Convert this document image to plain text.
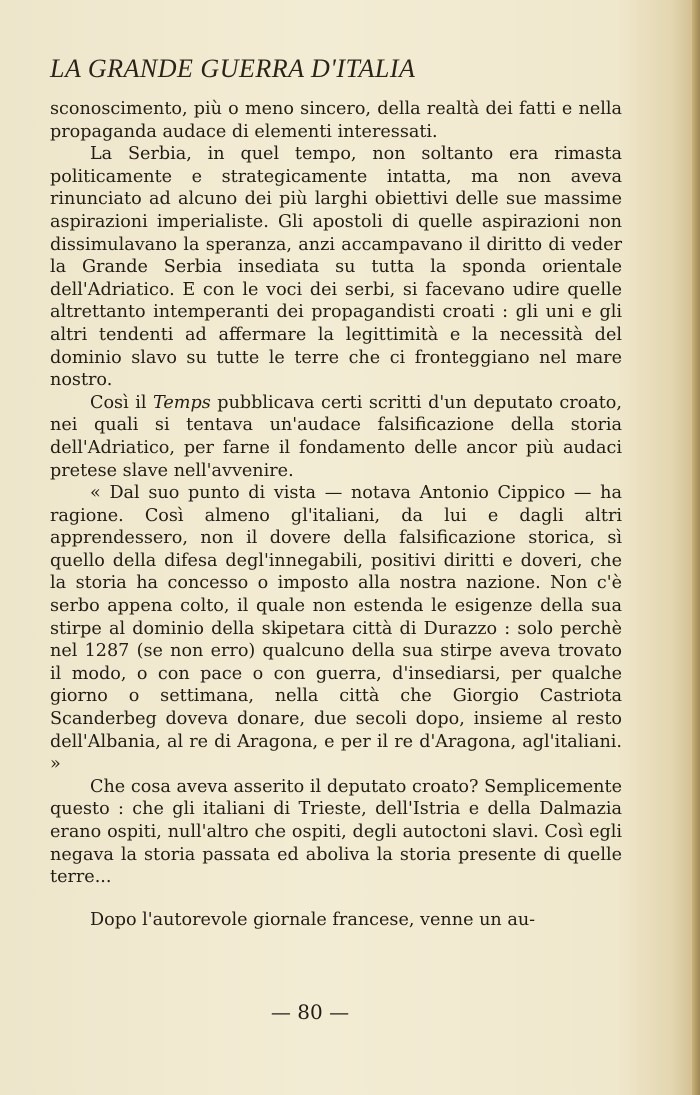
LA GRANDE GUERRA D'ITALIA

sconoscimento, più o meno sincero, della realtà dei fatti e nella propaganda audace di elementi interessati.

La Serbia, in quel tempo, non soltanto era rimasta politicamente e strategicamente intatta, ma non aveva rinunciato ad alcuno dei più larghi obiettivi delle sue massime aspirazioni imperialiste. Gli apostoli di quelle aspirazioni non dissimulavano la speranza, anzi accampavano il diritto di veder la Grande Serbia insediata su tutta la sponda orientale dell'Adriatico. E con le voci dei serbi, si facevano udire quelle altrettanto intemperanti dei propagandisti croati : gli uni e gli altri tendenti ad affermare la legittimità e la necessità del dominio slavo su tutte le terre che ci fronteggiano nel mare nostro.

Così il Temps pubblicava certi scritti d'un deputato croato, nei quali si tentava un'audace falsificazione della storia dell'Adriatico, per farne il fondamento delle ancor più audaci pretese slave nell'avvenire.

« Dal suo punto di vista — notava Antonio Cippico — ha ragione. Così almeno gl'italiani, da lui e dagli altri apprendessero, non il dovere della falsificazione storica, sì quello della difesa degl'innegabili, positivi diritti e doveri, che la storia ha concesso o imposto alla nostra nazione. Non c'è serbo appena colto, il quale non estenda le esigenze della sua stirpe al dominio della skipetara città di Durazzo : solo perchè nel 1287 (se non erro) qualcuno della sua stirpe aveva trovato il modo, o con pace o con guerra, d'insediarsi, per qualche giorno o settimana, nella città che Giorgio Castriota Scanderbeg doveva donare, due secoli dopo, insieme al resto dell'Albania, al re di Aragona, e per il re d'Aragona, agl'italiani. »

Che cosa aveva asserito il deputato croato? Semplicemente questo : che gli italiani di Trieste, dell'Istria e della Dalmazia erano ospiti, null'altro che ospiti, degli autoctoni slavi. Così egli negava la storia passata ed aboliva la storia presente di quelle terre...

Dopo l'autorevole giornale francese, venne un au-

— 80 —
